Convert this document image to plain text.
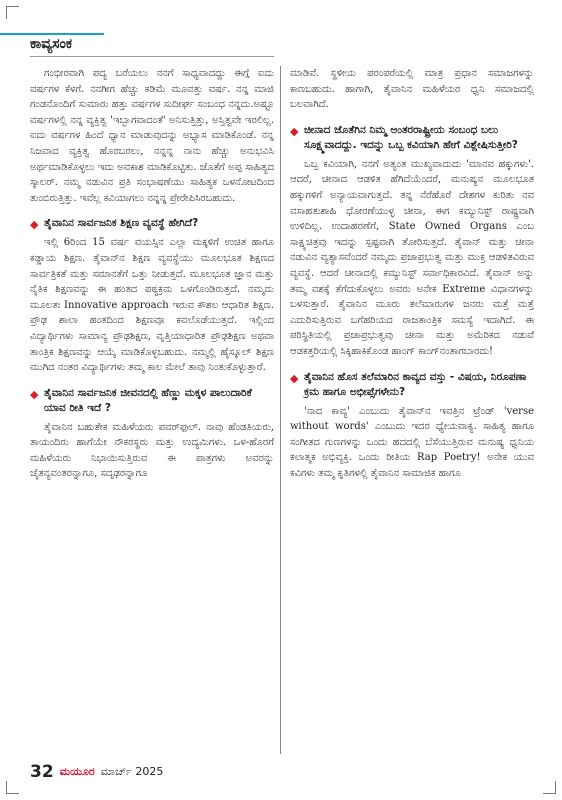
ಕಾವ್ಯಸಂಕ

ಗಂಭೀರವಾಗಿ ಪದ್ಯ ಬರೆಯಲು ನನಗೆ ಸಾಧ್ಯವಾದದ್ದು ಈಗ್ಗೆ ಐದು ವರ್ಷಗಳ ಕೆಳಗೆ. ನನಗೀಗ ಹೆಚ್ಚು ಕಡಿಮೆ ಮೂವತ್ತು ವರ್ಷ. ನನ್ನ ಮಾಜಿ ಗಂಡನೊಂದಿಗೆ ಸುಮಾರು ಹತ್ತು ವರ್ಷಗಳ ಸುದೀರ್ಘ ಸಂಬಂಧ ನನ್ನದು.ಅಷ್ಟೂ ವರ್ಷಗಳಲ್ಲಿ ನನ್ನ ವ್ಯಕ್ತಿತ್ವ 'ಇಬ್ಬಾಗವಾದಂತೆ' ಅನಿಸುತ್ತಿತ್ತು, ಅಸ್ತಿತ್ವವೇ ಇರಲಿಲ್ಲ. ಐದು ವರ್ಷಗಳ ಹಿಂದೆ ಧ್ಯಾನ ಮಾಡುವುದನ್ನು ಅಭ್ಯಾಸ ಮಾಡಿಕೊಂಡೆ. ನನ್ನ ನಿಜವಾದ ವ್ಯಕ್ತಿತ್ವ ಹೊರಬರಲು, ನನ್ನನ್ನ ನಾನು ಹೆಚ್ಚು ಅನುಭವಿಸಿ ಅರ್ಥಮಾಡಿಕೊಳ್ಳಲು ಇದು ಅವಕಾಶ ಮಾಡಿಕೊಟ್ಟಿತು. ಜೊತೆಗೆ ಅಪ್ಪ ಸಾಹಿತ್ಯದ ಸ್ಕಾಲರ್. ನಮ್ಮ ನಡುವಿನ ಪ್ರತಿ ಸಂಭಾಷಣೆಯು ಸಾಹಿತ್ಯಕ ಒಳನೋಟದಿಂದ ತುಂಬಿರುತ್ತಿತ್ತು. ಇವೆಲ್ಲ ಕವಿಯಾಗಲು ನನ್ನನ್ನ ಪ್ರೇರೇಪಿಸಿರಬಹುದು.

◆ ತೈವಾನಿನ ಸಾರ್ವಜನಿಕ ಶಿಕ್ಷಣ ವ್ಯವಸ್ಥೆ ಹೇಗಿದೆ?

ಇಲ್ಲಿ 6ರಿಂದ 15 ವರ್ಷ ವಯಸ್ಸಿನ ಎಲ್ಲಾ ಮಕ್ಕಳಿಗೆ ಉಚಿತ ಹಾಗೂ ಕಡ್ಡಾಯ ಶಿಕ್ಷಣ. ತೈವಾನ್‌ನ ಶಿಕ್ಷಣ ವ್ಯವಸ್ಥೆಯು ಮೂಲಭೂತ ಶಿಕ್ಷಣದ ಸಾರ್ವತ್ರಿಕತೆ ಮತ್ತು ಸಮಾನತೆಗೆ ಒತ್ತು ನೀಡುತ್ತದೆ. ಮೂಲಭೂತ ಜ್ಞಾನ ಮತ್ತು ನೈತಿಕ ಶಿಕ್ಷಣವನ್ನು ಈ ಹಂತದ ಪಠ್ಯಕ್ರಮ ಒಳಗೊಂಡಿರುತ್ತದೆ. ನಮ್ಮದು ಮೂಲತಃ Innovative approach ಇರುವ ಕೌಶಲ ಆಧಾರಿತ ಶಿಕ್ಷಣ. ಪ್ರೌಢ ಶಾಲಾ ಹಂತದಿಂದ ಶಿಕ್ಷಣವೂ ಕವಲೊಡೆಯುತ್ತದೆ. ಇಲ್ಲಿಂದ ವಿದ್ಯಾರ್ಥಿಗಳು ಸಾಮಾನ್ಯ ಪ್ರೌಢಶಿಕ್ಷಣ, ವೃತ್ತಿಯಾಧಾರಿತ ಪ್ರೌಢಶಿಕ್ಷಣ ಅಥವಾ ತಾಂತ್ರಿಕ ಶಿಕ್ಷಣವನ್ನು ಆಯ್ಕೆ ಮಾಡಿಕೊಳ್ಳಬಹುದು. ನಮ್ಮಲ್ಲಿ ಹೈಸ್ಕೂಲ್ ಶಿಕ್ಷಣ ಮುಗಿದ ನಂತರ ವಿದ್ಯಾರ್ಥಿಗಳು ತಮ್ಮ ಕಾಲ ಮೇಲೆ ತಾವು ನಿಂತುಕೊಳ್ಳುತ್ತಾರೆ.

◆ ತೈವಾನಿನ ಸಾರ್ವಜನಿಕ ಜೀವನದಲ್ಲಿ ಹೆಣ್ಣು ಮಕ್ಕಳ ಪಾಲುದಾರಿಕೆ ಯಾವ ರೀತಿ ಇದೆ ?

ತೈವಾನಿನ ಬಹುತೇಕ ಮಹಿಳೆಯರು ಪವರ್‌ಫುಲ್. ನಾವು ಹೆಂಡತಿಯರು, ತಾಯಂದಿರು ಹಾಗೆಯೇ ನೌಕರಸ್ಥರು ಮತ್ತು ಉದ್ಯಮಿಗಳು. ಒಳ-ಹೊರಗೆ ಮಹಿಳೆಯರು ನಿಭಾಯಿಸುತ್ತಿರುವ ಈ ಪಾತ್ರಗಳು ಅವರನ್ನು ಚೈತನ್ಯವಂತರನ್ನಾಗೂ, ಸದೃಢರನ್ನಾಗೂ

ಮಾಡಿವೆ. ಸ್ಥಳೀಯ ಪರಂಪರೆಯಲ್ಲಿ ಮಾತ್ರ ಪ್ರಧಾನ ಸಮಾಜಗಳನ್ನು ಕಾಣಬಹುದು. ಹಾಗಾಗಿ, ತೈವಾನಿನ ಮಹಿಳೆಯರ ಧ್ವನಿ ಸಮಾಜದಲ್ಲಿ ಬಲವಾಗಿದೆ.

◆ ಚೀನಾದ ಜೊತೆಗಿನ ನಿಮ್ಮ ಅಂತರರಾಷ್ಟ್ರೀಯ ಸಂಬಂಧ ಬಲು ಸೂಕ್ಷ್ಮವಾದದ್ದು. ಇದನ್ನು ಒಬ್ಬ ಕವಿಯಾಗಿ ಹೇಗೆ ವಿಶ್ಲೇಷಿಸುತ್ತೀರಿ?

ಒಬ್ಬ ಕವಿಯಾಗಿ, ನನಗೆ ಅತ್ಯಂತ ಮುಖ್ಯವಾದುದು 'ಮಾನವ ಹಕ್ಕುಗಳು'. ಆದರೆ, ಚೀನಾದ ಆಡಳಿತ ಹೆಗಿದೆಯೆಂದರೆ, ಮನುಷ್ಯನ ಮೂಲಭೂತ ಹಕ್ಕುಗಳಿಗೆ ಅನ್ಯಾಯವಾಗುತ್ತದೆ. ತನ್ನ ನೆರೆಹೊರೆ ದೇಶಗಳ ಕುರಿತು ನವ ವಸಾಹತುಶಾಹಿ ಧೋರಣೆಯುಳ್ಳ ಚೀನಾ, ಈಗ ಕಮ್ಯುನಿಸ್ಟ್ ರಾಷ್ಟ್ರವಾಗಿ ಉಳಿದಿಲ್ಲ. ಉದಾಹರಣೆಗೆ, State Owned Organs ಎಂಬ ಸಾಕ್ಷ್ಯಚಿತ್ರವು ಇದನ್ನು ಸ್ಪಷ್ಟವಾಗಿ ತೋರಿಸುತ್ತದೆ. ತೈವಾನ್ ಮತ್ತು ಚೀನಾ ನಡುವಿನ ವ್ಯತ್ಯಾಸವೆಂದರೆ ನಮ್ಮದು ಪ್ರಜಾಪ್ರಭುತ್ವ ಮತ್ತು ಮುಕ್ತ ಆಡಳಿತವಿರುವ ವ್ಯವಸ್ಥೆ. ಆದರೆ ಚೀನಾದಲ್ಲಿ ಕಮ್ಯುನಿಸ್ಟ್ ಸರ್ವಾಧಿಕಾರವಿದೆ. ತೈವಾನ್ ಅನ್ನು ತಮ್ಮ ವಶಕ್ಕೆ ತೆಗೆದುಕೊಳ್ಳಲು ಅವರು ಅನೇಕ Extreme ವಿಧಾನಗಳನ್ನು ಬಳಸುತ್ತಾರೆ. ತೈವಾನಿನ ಮೂರು ತಲೆಮಾರುಗಳ ಜನರು ಮತ್ತೆ ಮತ್ತೆ ಎದುರಿಸುತ್ತಿರುವ ಬಗೆಹರಿಯದ ರಾಜತಾಂತ್ರಿಕ ಸಮಸ್ಯೆ ಇದಾಗಿದೆ. ಈ ಪರಿಸ್ಥಿತಿಯಲ್ಲಿ ಪ್ರಜಾಪ್ರಭುತ್ವವು ಚೀನಾ ಮತ್ತು ಅಮೆರಿಕದ ನಡುವೆ ಆಡಕತ್ತರಿಯಲ್ಲಿ ಸಿಕ್ಕಿಹಾಕಿಕೊಂಡ ಹಾಂಗ್ ಕಾಂಗ್‌ನಂತಾಗಬಾರದು!

◆ ತೈವಾನಿನ ಹೊಸ ತಲೆಮಾರಿನ ಕಾವ್ಯದ ವಸ್ತು - ವಿಷಯ, ನಿರೂಪಣಾ ಕ್ರಮ ಹಾಗೂ ಅಭೀಪ್ಸೆಗಳೇನು?

'ನಾದ ಕಾವ್ಯ' ಎಂಬುದು ತೈವಾನ್‌ನ ಇವತ್ತಿನ ಟ್ರೆಂಡ್ 'verse without words' ಎಂಬುದು ಇದರ ಧ್ಯೇಯವಾಕ್ಯ. ಸಾಹಿತ್ಯ ಹಾಗೂ ಸಂಗೀತದ ಗುಣಗಳನ್ನು ಒಂದು ಹದದಲ್ಲಿ ಬೆಸೆಯುತ್ತಿರುವ ಮನುಷ್ಯ ಧ್ವನಿಯ ಕಲಾತ್ಮಕ ಅಭಿವ್ಯಕ್ತಿ. ಒಂದು ರೀತಿಯ Rap Poetry! ಅನೇಕ ಯುವ ಕವಿಗಳು ತಮ್ಮ ಕೃತಿಗಳಲ್ಲಿ ತೈವಾನಿನ ಸಾಮಾಜಿಕ ಹಾಗೂ

32 ಮಯೂರ ಮಾರ್ಚ್ 2025
